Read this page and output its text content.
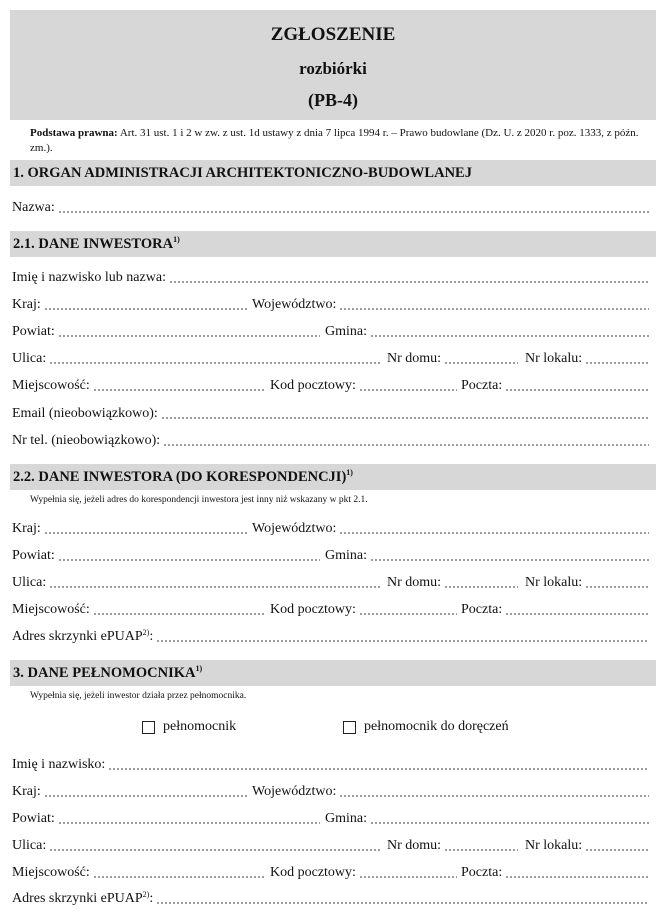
ZGŁOSZENIE
rozbiórki
(PB-4)
Podstawa prawna: Art. 31 ust. 1 i 2 w zw. z ust. 1d ustawy z dnia 7 lipca 1994 r. – Prawo budowlane (Dz. U. z 2020 r. poz. 1333, z późn. zm.).
1. ORGAN ADMINISTRACJI ARCHITEKTONICZNO-BUDOWLANEJ
Nazwa:
2.1. DANE INWESTORA$^{1)}$
Imię i nazwisko lub nazwa:
Kraj:	Województwo:
Powiat:	Gmina:
Ulica:	Nr domu:	Nr lokalu:
Miejscowość:	Kod pocztowy:	Poczta:
Email (nieobowiązkowo):
Nr tel. (nieobowiązkowo):
2.2. DANE INWESTORA (DO KORESPONDENCJI)$^{1)}$
Wypełnia się, jeżeli adres do korespondencji inwestora jest inny niż wskazany w pkt 2.1.
Kraj:	Województwo:
Powiat:	Gmina:
Ulica:	Nr domu:	Nr lokalu:
Miejscowość:	Kod pocztowy:	Poczta:
Adres skrzynki ePUAP$^{2)}$:
3. DANE PEŁNOMOCNIKA$^{1)}$
Wypełnia się, jeżeli inwestor działa przez pełnomocnika.
pełnomocnik	pełnomocnik do doręczeń
Imię i nazwisko:
Kraj:	Województwo:
Powiat:	Gmina:
Ulica:	Nr domu:	Nr lokalu:
Miejscowość:	Kod pocztowy:	Poczta:
Adres skrzynki ePUAP$^{2)}$:
